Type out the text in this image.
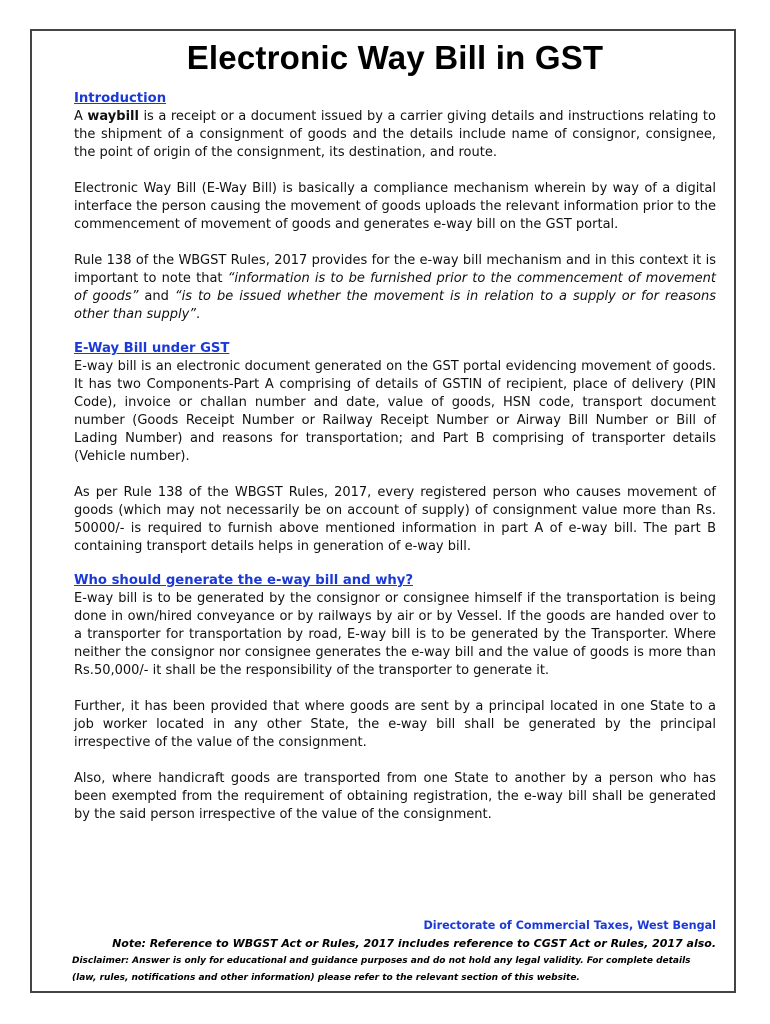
Electronic Way Bill in GST
Introduction

A waybill is a receipt or a document issued by a carrier giving details and instructions relating to the shipment of a consignment of goods and the details include name of consignor, consignee, the point of origin of the consignment, its destination, and route.

Electronic Way Bill (E-Way Bill) is basically a compliance mechanism wherein by way of a digital interface the person causing the movement of goods uploads the relevant information prior to the commencement of movement of goods and generates e-way bill on the GST portal.

Rule 138 of the WBGST Rules, 2017 provides for the e-way bill mechanism and in this context it is important to note that “information is to be furnished prior to the commencement of movement of goods” and “is to be issued whether the movement is in relation to a supply or for reasons other than supply”.

E-Way Bill under GST

E-way bill is an electronic document generated on the GST portal evidencing movement of goods. It has two Components-Part A comprising of details of GSTIN of recipient, place of delivery (PIN Code), invoice or challan number and date, value of goods, HSN code, transport document number (Goods Receipt Number or Railway Receipt Number or Airway Bill Number or Bill of Lading Number) and reasons for transportation; and Part B comprising of transporter details (Vehicle number).

As per Rule 138 of the WBGST Rules, 2017, every registered person who causes movement of goods (which may not necessarily be on account of supply) of consignment value more than Rs. 50000/- is required to furnish above mentioned information in part A of e-way bill. The part B containing transport details helps in generation of e-way bill.

Who should generate the e-way bill and why?

E-way bill is to be generated by the consignor or consignee himself if the transportation is being done in own/hired conveyance or by railways by air or by Vessel. If the goods are handed over to a transporter for transportation by road, E-way bill is to be generated by the Transporter. Where neither the consignor nor consignee generates the e-way bill and the value of goods is more than Rs.50,000/- it shall be the responsibility of the transporter to generate it.

Further, it has been provided that where goods are sent by a principal located in one State to a job worker located in any other State, the e-way bill shall be generated by the principal irrespective of the value of the consignment.

Also, where handicraft goods are transported from one State to another by a person who has been exempted from the requirement of obtaining registration, the e-way bill shall be generated by the said person irrespective of the value of the consignment.

Directorate of Commercial Taxes, West Bengal
Note: Reference to WBGST Act or Rules, 2017 includes reference to CGST Act or Rules, 2017 also.
Disclaimer: Answer is only for educational and guidance purposes and do not hold any legal validity. For complete details (law, rules, notifications and other information) please refer to the relevant section of this website.
